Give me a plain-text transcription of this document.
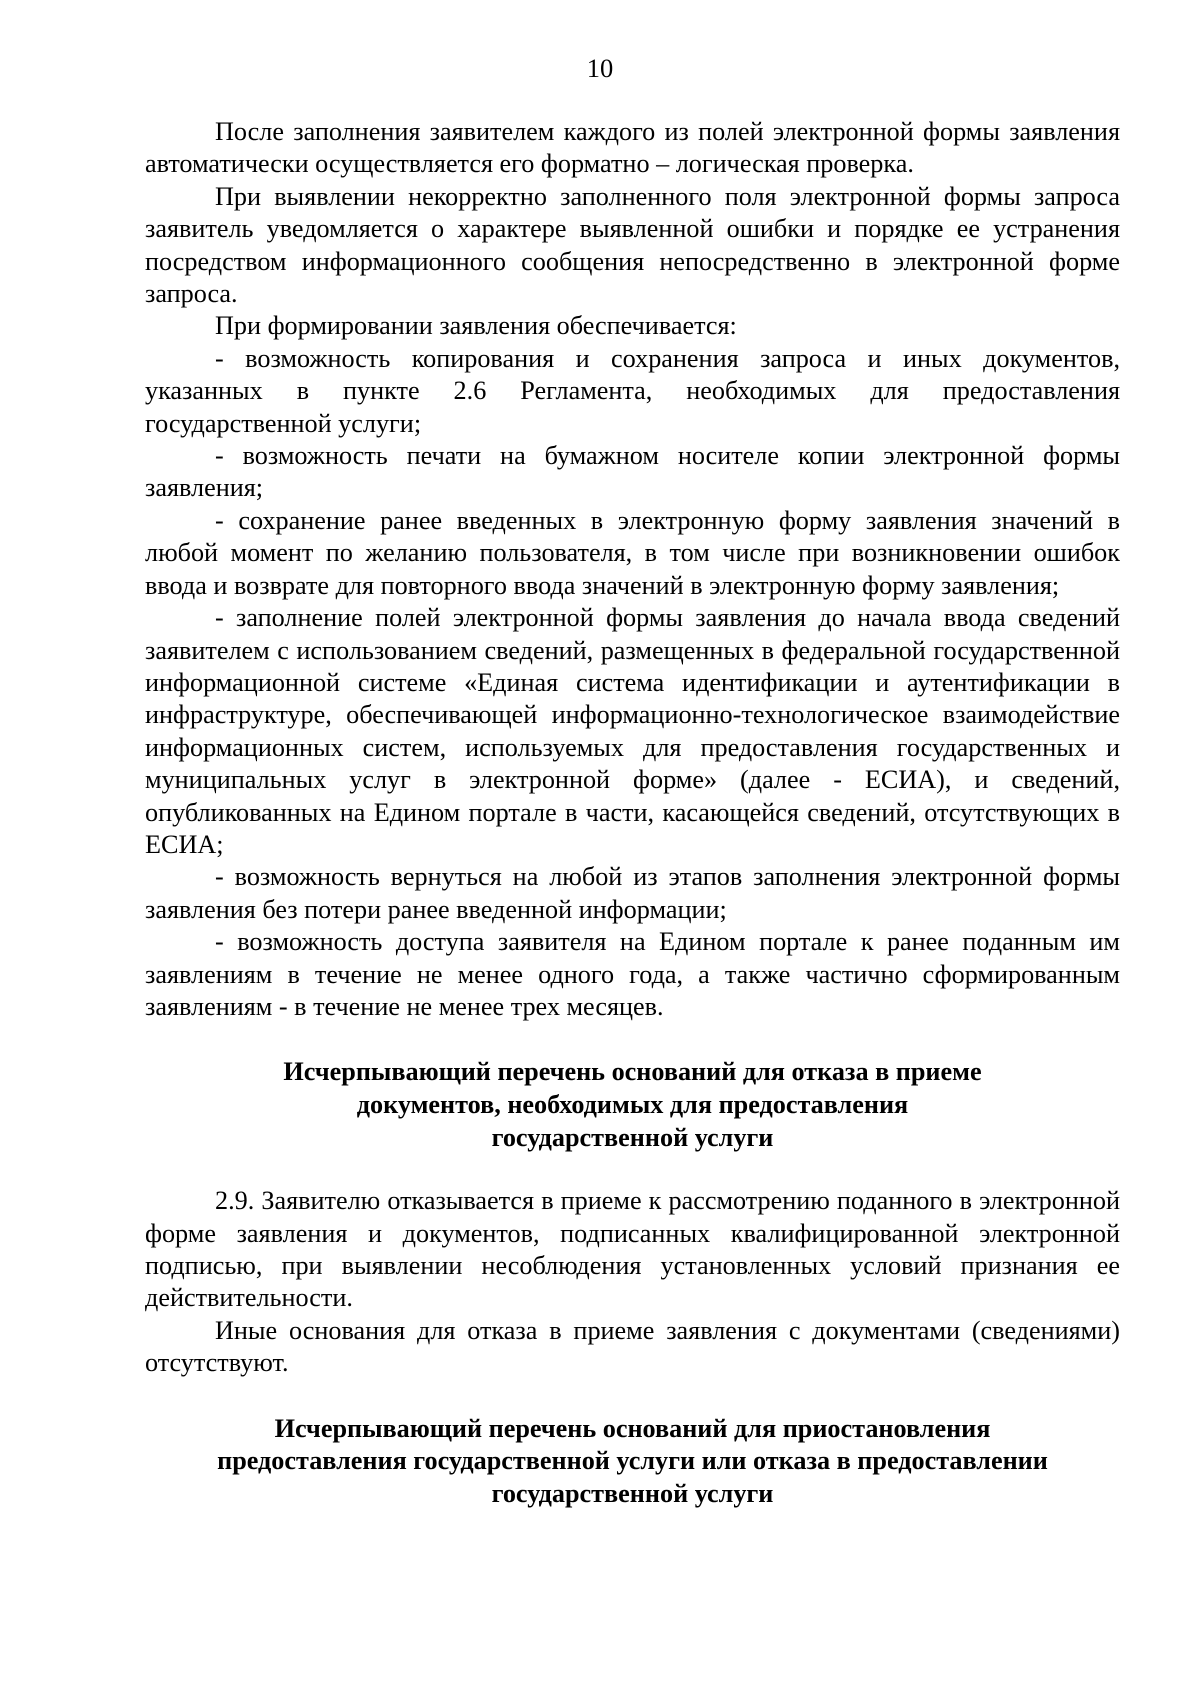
10

После заполнения заявителем каждого из полей электронной формы заявления автоматически осуществляется его форматно – логическая проверка.

При выявлении некорректно заполненного поля электронной формы запроса заявитель уведомляется о характере выявленной ошибки и порядке ее устранения посредством информационного сообщения непосредственно в электронной форме запроса.

При формировании заявления обеспечивается:

- возможность копирования и сохранения запроса и иных документов, указанных в пункте 2.6 Регламента, необходимых для предоставления государственной услуги;

- возможность печати на бумажном носителе копии электронной формы заявления;

- сохранение ранее введенных в электронную форму заявления значений в любой момент по желанию пользователя, в том числе при возникновении ошибок ввода и возврате для повторного ввода значений в электронную форму заявления;

- заполнение полей электронной формы заявления до начала ввода сведений заявителем с использованием сведений, размещенных в федеральной государственной информационной системе «Единая система идентификации и аутентификации в инфраструктуре, обеспечивающей информационно-технологическое взаимодействие информационных систем, используемых для предоставления государственных и муниципальных услуг в электронной форме» (далее - ЕСИА), и сведений, опубликованных на Едином портале в части, касающейся сведений, отсутствующих в ЕСИА;

- возможность вернуться на любой из этапов заполнения электронной формы заявления без потери ранее введенной информации;

- возможность доступа заявителя на Едином портале к ранее поданным им заявлениям в течение не менее одного года, а также частично сформированным заявлениям - в течение не менее трех месяцев.

Исчерпывающий перечень оснований для отказа в приеме
документов, необходимых для предоставления
государственной услуги

2.9. Заявителю отказывается в приеме к рассмотрению поданного в электронной форме заявления и документов, подписанных квалифицированной электронной подписью, при выявлении несоблюдения установленных условий признания ее действительности.

Иные основания для отказа в приеме заявления с документами (сведениями) отсутствуют.

Исчерпывающий перечень оснований для приостановления
предоставления государственной услуги или отказа в предоставлении
государственной услуги
